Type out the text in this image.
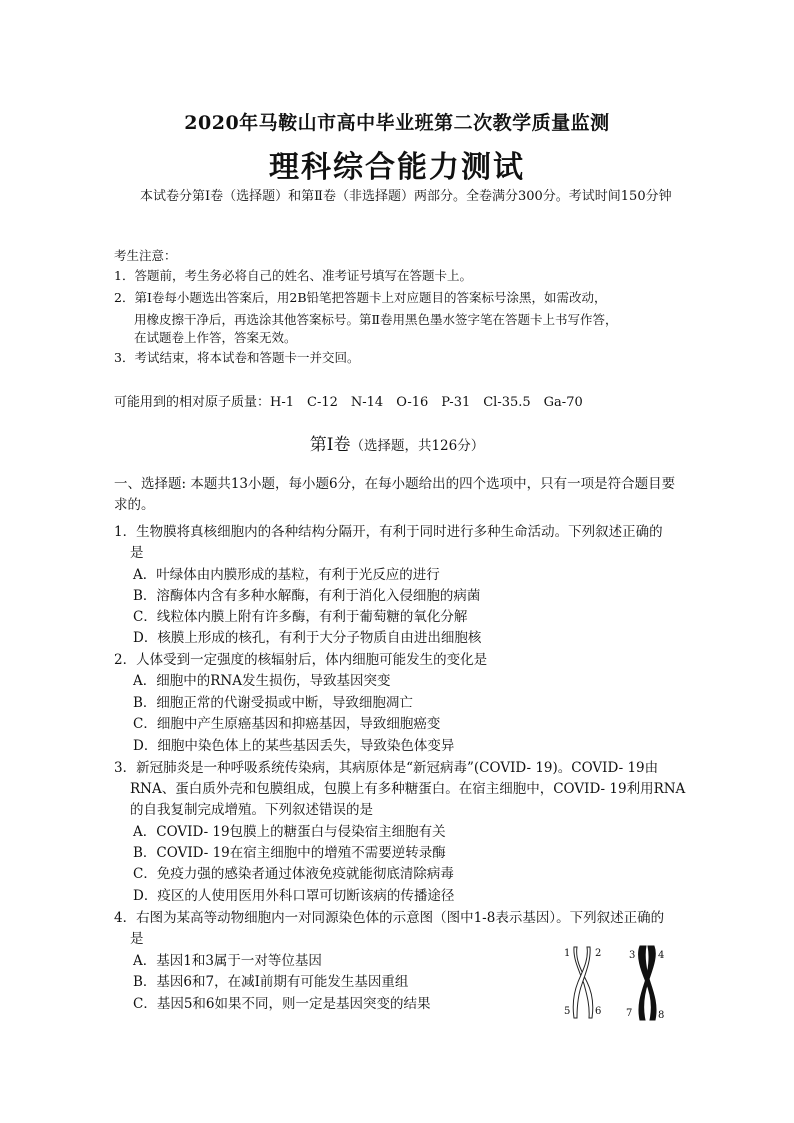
2020年马鞍山市高中毕业班第二次教学质量监测
理科综合能力测试
本试卷分第Ⅰ卷（选择题）和第Ⅱ卷（非选择题）两部分。全卷满分300分。考试时间150分钟
考生注意：
1．答题前，考生务必将自己的姓名、准考证号填写在答题卡上。
2．第Ⅰ卷每小题选出答案后，用2B铅笔把答题卡上对应题目的答案标号涂黑，如需改动，
用橡皮擦干净后，再选涂其他答案标号。第Ⅱ卷用黑色墨水签字笔在答题卡上书写作答，
在试题卷上作答，答案无效。
3．考试结束，将本试卷和答题卡一并交回。
可能用到的相对原子质量：H-1　C-12　N-14　O-16　P-31　Cl-35.5　Ga-70
第Ⅰ卷（选择题，共126分）
一、选择题: 本题共13小题，每小题6分，在每小题给出的四个选项中，只有一项是符合题目要
求的。
1．生物膜将真核细胞内的各种结构分隔开，有利于同时进行多种生命活动。下列叙述正确的
是
A．叶绿体由内膜形成的基粒，有利于光反应的进行
B．溶酶体内含有多种水解酶，有利于消化入侵细胞的病菌
C．线粒体内膜上附有许多酶，有利于葡萄糖的氧化分解
D．核膜上形成的核孔，有利于大分子物质自由进出细胞核
2．人体受到一定强度的核辐射后，体内细胞可能发生的变化是
A．细胞中的RNA发生损伤，导致基因突变
B．细胞正常的代谢受损或中断，导致细胞凋亡
C．细胞中产生原癌基因和抑癌基因，导致细胞癌变
D．细胞中染色体上的某些基因丢失，导致染色体变异
3．新冠肺炎是一种呼吸系统传染病，其病原体是“新冠病毒”(COVID- 19)。COVID- 19由
RNA、蛋白质外壳和包膜组成，包膜上有多种糖蛋白。在宿主细胞中，COVID- 19利用RNA
的自我复制完成增殖。下列叙述错误的是
A．COVID- 19包膜上的糖蛋白与侵染宿主细胞有关
B．COVID- 19在宿主细胞中的增殖不需要逆转录酶
C．免疫力强的感染者通过体液免疫就能彻底清除病毒
D．疫区的人使用医用外科口罩可切断该病的传播途径
4．右图为某高等动物细胞内一对同源染色体的示意图（图中1-8表示基因）。下列叙述正确的
是
A．基因1和3属于一对等位基因
B．基因6和7，在减Ⅰ前期有可能发生基因重组
C．基因5和6如果不同，则一定是基因突变的结果
1 2	3 4
5 6 7	8
